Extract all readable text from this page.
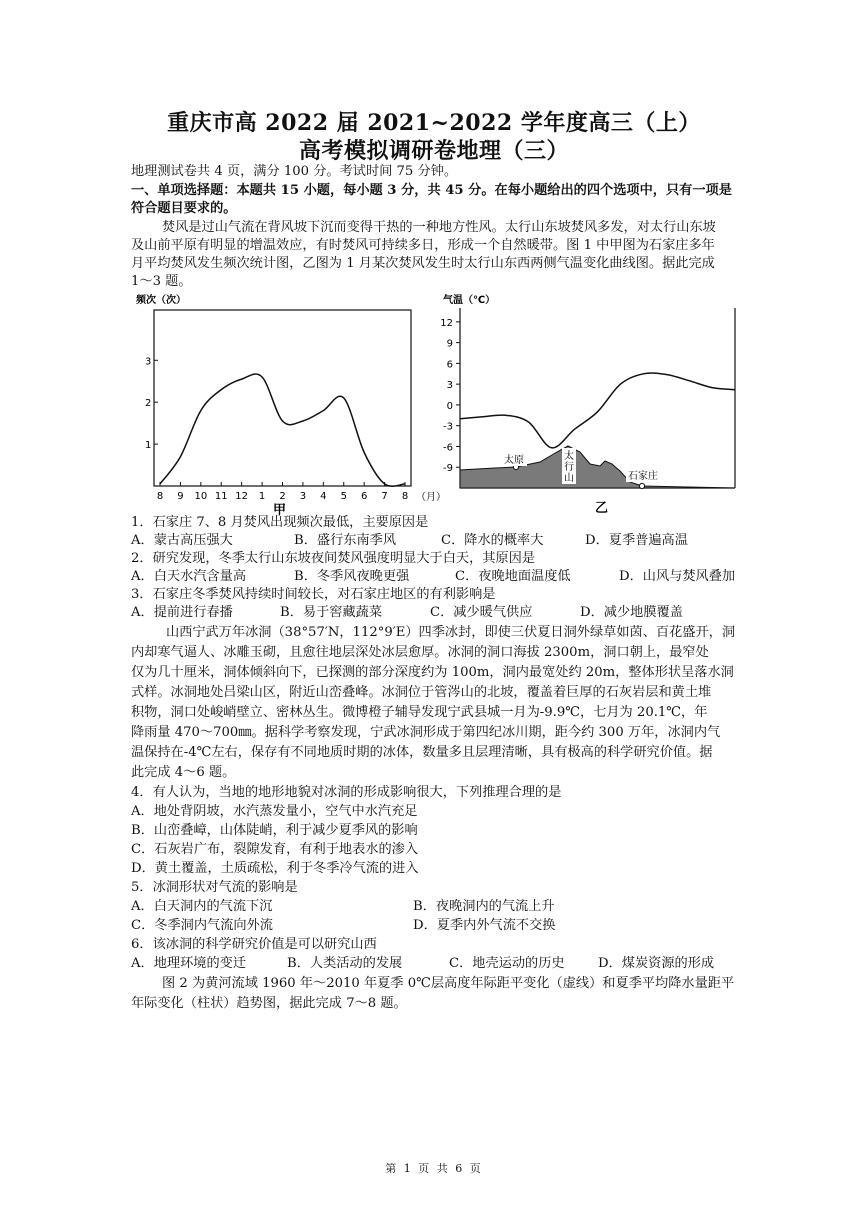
重庆市高 2022 届 2021~2022 学年度高三（上）
高考模拟调研卷地理（三）
地理测试卷共 4 页，满分 100 分。考试时间 75 分钟。
一、单项选择题：本题共 15 小题，每小题 3 分，共 45 分。在每小题给出的四个选项中，只有一项是
符合题目要求的。
焚风是过山气流在背风坡下沉而变得干热的一种地方性风。太行山东坡焚风多发，对太行山东坡
及山前平原有明显的增温效应，有时焚风可持续多日，形成一个自然暖带。图 1 中甲图为石家庄多年
月平均焚风发生频次统计图，乙图为 1 月某次焚风发生时太行山东西两侧气温变化曲线图。据此完成
1～3 题。
频次（次）
1
2
3
8 9 10 11 12 1 2 3 4 5 6 7 8 （月）
甲
气温（℃）
12
9
6
3
0
-3
-6
-9
太原	太
行
山	石家庄
乙
1．石家庄 7、8 月焚风出现频次最低，主要原因是
A．蒙古高压强大	B．盛行东南季风	C．降水的概率大	D．夏季普遍高温
2．研究发现，冬季太行山东坡夜间焚风强度明显大于白天，其原因是
A．白天水汽含量高	B．冬季风夜晚更强	C．夜晚地面温度低	D．山风与焚风叠加
3．石家庄冬季焚风持续时间较长，对石家庄地区的有利影响是
A．提前进行春播	B．易于窖藏蔬菜	C．减少暖气供应	D．减少地膜覆盖
山西宁武万年冰洞（38°57′N，112°9′E）四季冰封，即使三伏夏日洞外绿草如茵、百花盛开，洞
内却寒气逼人、冰雕玉砌，且愈往地层深处冰层愈厚。冰洞的洞口海拔 2300m，洞口朝上，最窄处
仅为几十厘米，洞体倾斜向下，已探测的部分深度约为 100m，洞内最宽处约 20m，整体形状呈落水洞
式样。冰洞地处吕梁山区，附近山峦叠峰。冰洞位于管涔山的北坡，覆盖着巨厚的石灰岩层和黄土堆
积物，洞口处峻峭壁立、密林丛生。微博橙子辅导发现宁武县城一月为-9.9℃，七月为 20.1℃，年
降雨量 470～700㎜。据科学考察发现，宁武冰洞形成于第四纪冰川期，距今约 300 万年，冰洞内气
温保持在-4℃左右，保存有不同地质时期的冰体，数量多且层理清晰，具有极高的科学研究价值。据
此完成 4～6 题。
4．有人认为，当地的地形地貌对冰洞的形成影响很大，下列推理合理的是
A．地处背阴坡，水汽蒸发量小，空气中水汽充足
B．山峦叠嶂，山体陡峭，利于减少夏季风的影响
C．石灰岩广布，裂隙发育，有利于地表水的渗入
D．黄土覆盖，土质疏松，利于冬季冷气流的进入
5．冰洞形状对气流的影响是
A．白天洞内的气流下沉	B．夜晚洞内的气流上升
C．冬季洞内气流向外流	D．夏季内外气流不交换
6．该冰洞的科学研究价值是可以研究山西
A．地理环境的变迁	B．人类活动的发展	C．地壳运动的历史	D．煤炭资源的形成
图 2 为黄河流域 1960 年～2010 年夏季 0℃层高度年际距平变化（虚线）和夏季平均降水量距平
年际变化（柱状）趋势图，据此完成 7～8 题。
第 1 页 共 6 页
